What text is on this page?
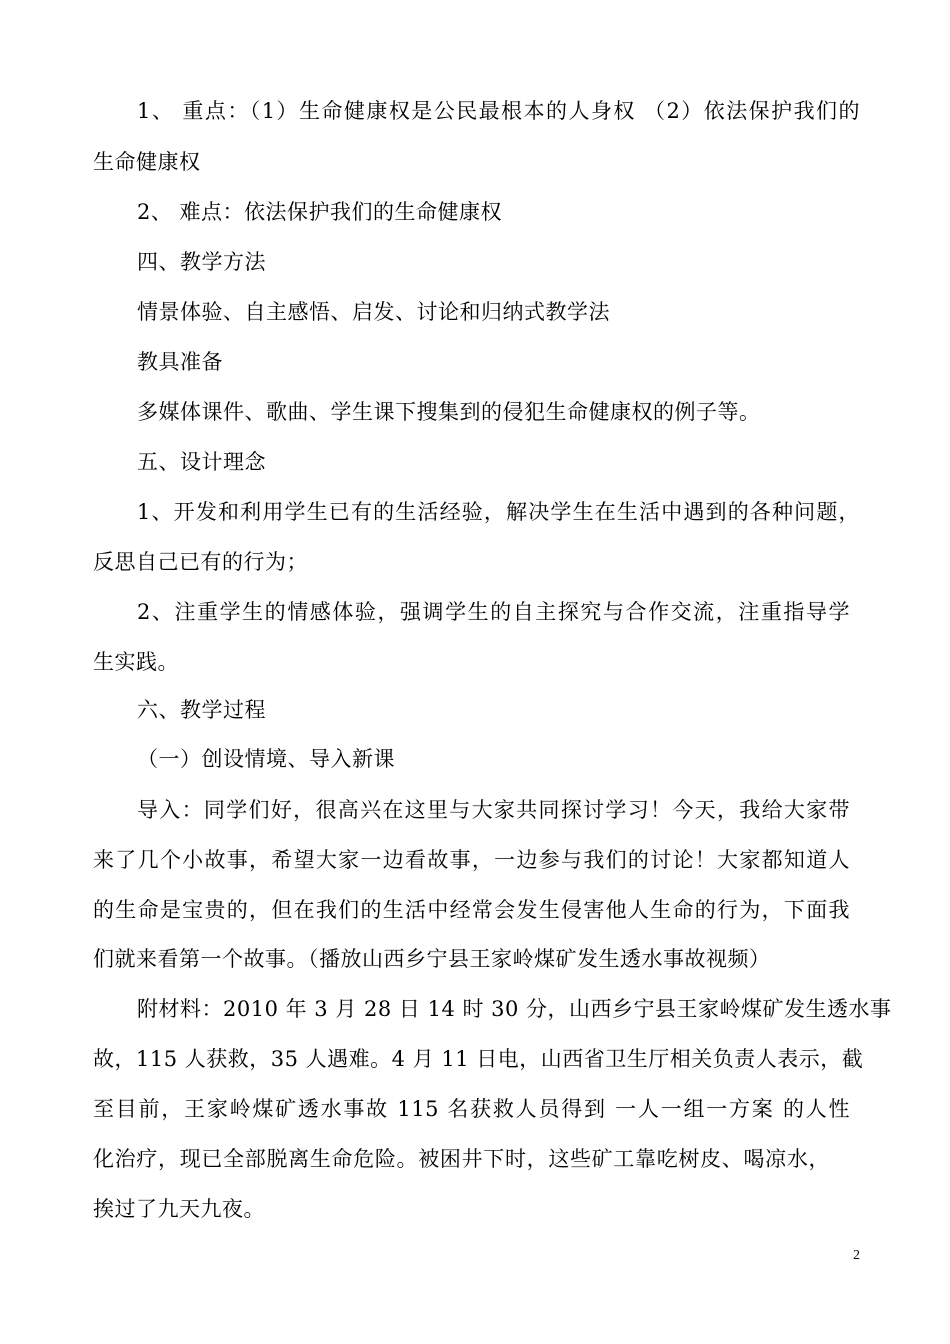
1、 重点：（1）生命健康权是公民最根本的人身权 （2）依法保护我们的
生命健康权
2、 难点：依法保护我们的生命健康权
四、教学方法
情景体验、自主感悟、启发、讨论和归纳式教学法
教具准备
多媒体课件、歌曲、学生课下搜集到的侵犯生命健康权的例子等。
五、设计理念
1、开发和利用学生已有的生活经验，解决学生在生活中遇到的各种问题，
反思自己已有的行为；
2、注重学生的情感体验，强调学生的自主探究与合作交流，注重指导学
生实践。
六、教学过程
（一）创设情境、导入新课
导入：同学们好，很高兴在这里与大家共同探讨学习！今天，我给大家带
来了几个小故事，希望大家一边看故事，一边参与我们的讨论！大家都知道人
的生命是宝贵的，但在我们的生活中经常会发生侵害他人生命的行为，下面我
们就来看第一个故事。（播放山西乡宁县王家岭煤矿发生透水事故视频）
附材料：2010 年 3 月 28 日 14 时 30 分，山西乡宁县王家岭煤矿发生透水事
故，115 人获救，35 人遇难。4 月 11 日电，山西省卫生厅相关负责人表示，截
至目前，王家岭煤矿透水事故 115 名获救人员得到 一人一组一方案 的人性
化治疗，现已全部脱离生命危险。被困井下时，这些矿工靠吃树皮、喝凉水，
挨过了九天九夜。
2
